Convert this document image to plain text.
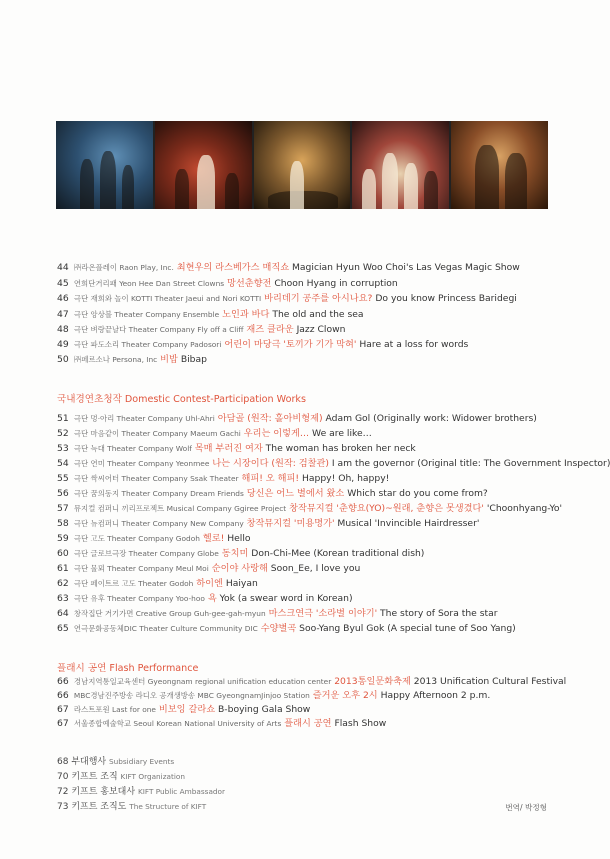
44 ㈜라온플레이 Raon Play, Inc. 최현우의 라스베가스 매직쇼 Magician Hyun Woo Choi's Las Vegas Magic Show
45 연희단거리패 Yeon Hee Dan Street Clowns 망선춘향전 Choon Hyang in corruption
46 극단 재희와 놀이 KOTTI Theater Jaeui and Nori KOTTI 바리데기 공주를 아시나요? Do you know Princess Baridegi
47 극단 앙상블 Theater Company Ensemble 노인과 바다 The old and the sea
48 극단 벼랑끝날다 Theater Company Fly off a Cliff 재즈 클라운 Jazz Clown
49 극단 파도소리 Theater Company Padosori 어린이 마당극 '토끼가 기가 막혀' Hare at a loss for words
50 ㈜페르소나 Persona, Inc 비밥 Bibap
국내경연초청작 Domestic Contest-Participation Works
51 극단 멍·아리 Theater Company Uhl-Ahri 아담골 (원작: 홀아비형제) Adam Gol (Originally work: Widower brothers)
52 극단 마음같이 Theater Company Maeum Gachi 우리는 이렇게… We are like…
53 극단 늑대 Theater Company Wolf 목매 부러진 여자 The woman has broken her neck
54 극단 연미 Theater Company Yeonmee 나는 시장이다 (원작: 검찰관) I am the governor (Original title: The Government Inspector)
55 극단 싹씨어터 Theater Company Ssak Theater 해피! 오 해피! Happy! Oh, happy!
56 극단 꿈의동지 Theater Company Dream Friends 당신은 어느 별에서 왔소 Which star do you come from?
57 뮤지컬 컴퍼니 끼리프로젝트 Musical Company Ggiree Project 창작뮤지컬 '춘향요(YO)~원래, 춘향은 못생겼다' 'Choonhyang-Yo'
58 극단 뉴컴퍼니 Theater Company New Company 창작뮤지컬 '미용명가' Musical 'Invincible Hairdresser'
59 극단 고도 Theater Company Godoh 헬로! Hello
60 극단 글로브극장 Theater Company Globe 동치미 Don-Chi-Mee (Korean traditional dish)
61 극단 물뫼 Theater Company Meul Moi 순이야 사랑해 Soon_Ee, I love you
62 극단 페이트르 고도 Theater Godoh 하이엔 Haiyan
63 극단 유후 Theater Company Yoo-hoo 욕 Yok (a swear word in Korean)
64 창작집단 거기가면 Creative Group Guh-gee-gah-myun 마스크연극 '소라별 이야기' The story of Sora the star
65 연극문화공동체DIC Theater Culture Community DIC 수양별곡 Soo-Yang Byul Gok (A special tune of Soo Yang)
플래시 공연 Flash Performance
66 경남지역통일교육센터 Gyeongnam regional unification education center 2013통일문화축제 2013 Unification Cultural Festival
66 MBC경남진주방송 라디오 공개생방송 MBC GyeongnamJinjoo Station 즐거운 오후 2시 Happy Afternoon 2 p.m.
67 라스트포원 Last for one 비보잉 갈라쇼 B-boying Gala Show
67 서울종합예술학교 Seoul Korean National University of Arts 플래시 공연 Flash Show
68 부대행사 Subsidiary Events
70 키프트 조직 KIFT Organization
72 키프트 홍보대사 KIFT Public Ambassador
73 키프트 조직도 The Structure of KIFT	번역/ 박정형
